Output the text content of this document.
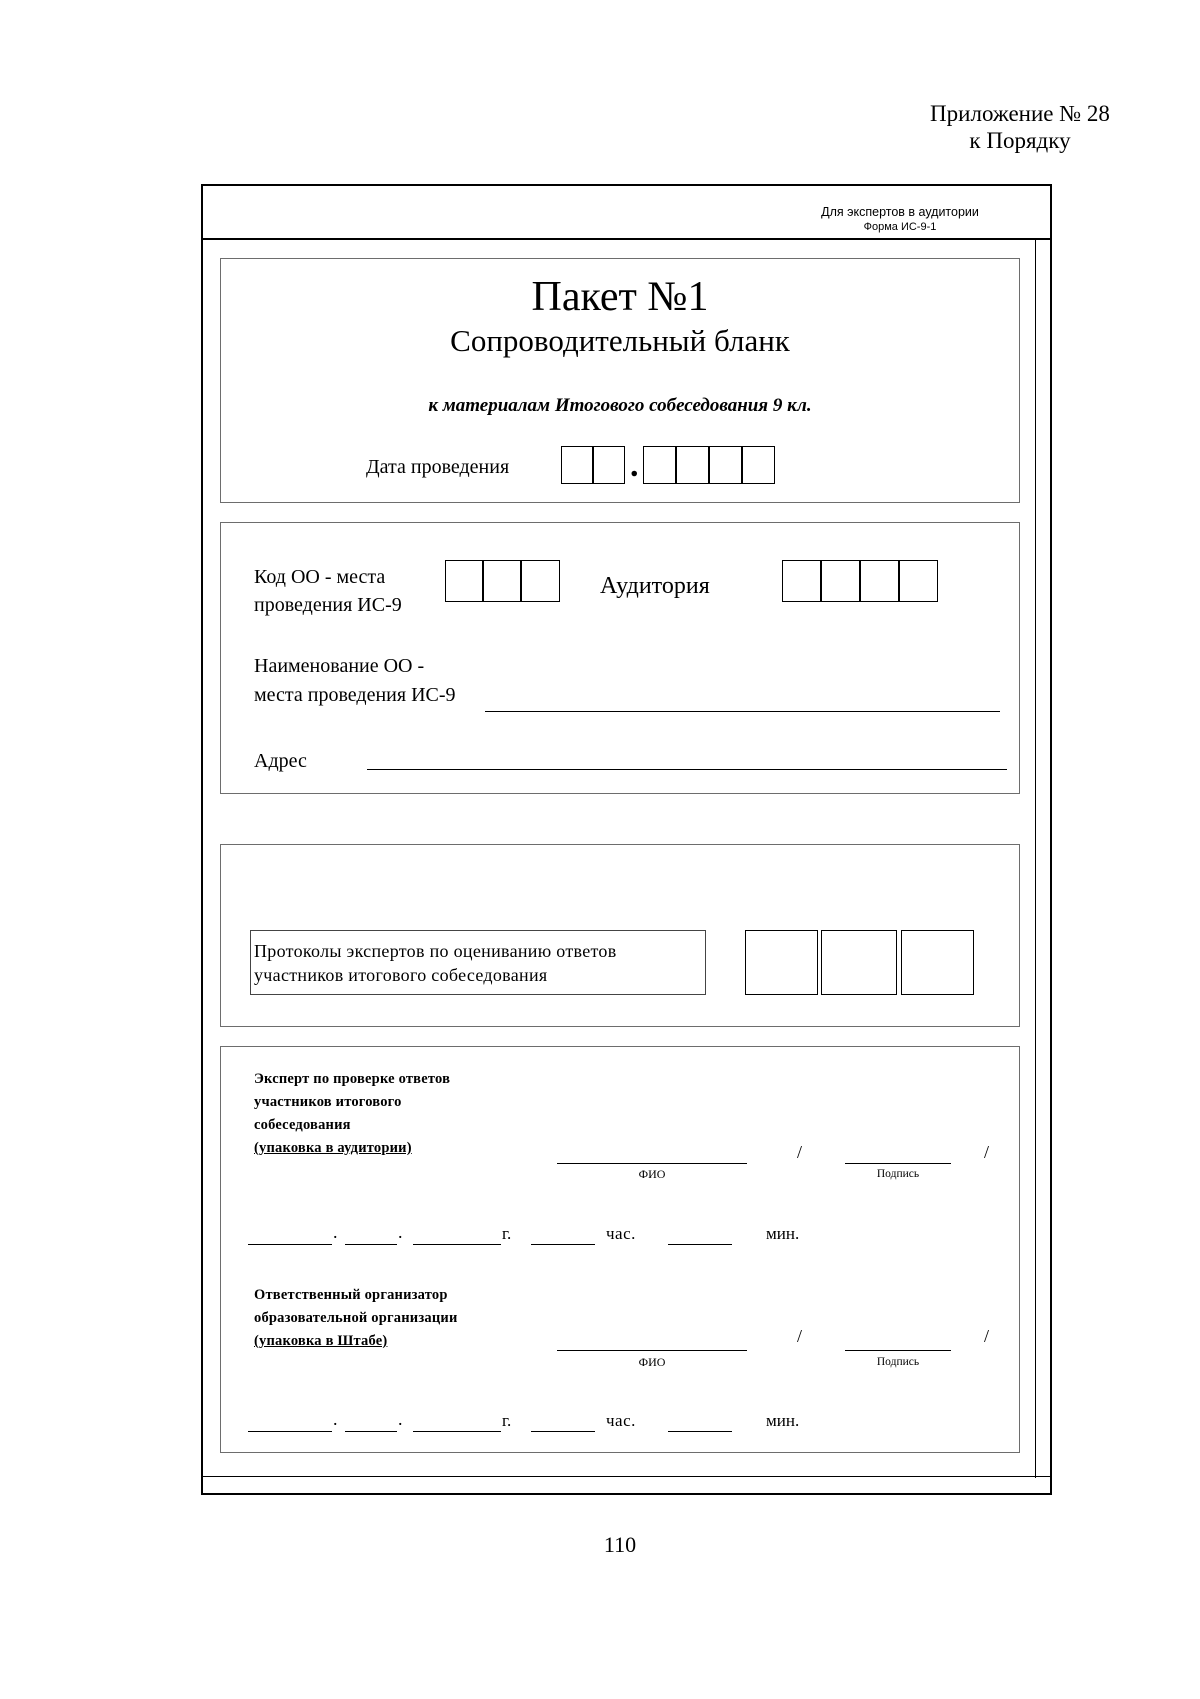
Приложение № 28
к Порядку
Для экспертов в аудитории
Форма ИС-9-1
Пакет №1
Сопроводительный бланк
к материалам Итогового собеседования 9 кл.
Дата проведения	.
Код ОО - места
проведения ИС-9
Аудитория
Наименование ОО -
места проведения ИС-9
Адрес
Протоколы экспертов по оцениванию ответов
участников итогового собеседования
Эксперт по проверке ответов
участников итогового
собеседования
(упаковка в аудитории)
ФИО
/
Подпись
/
.	.	г.	час.	мин.
Ответственный организатор
образовательной организации
(упаковка в Штабе)
ФИО
/
Подпись
/
.	.	г.	час.	мин.
110
